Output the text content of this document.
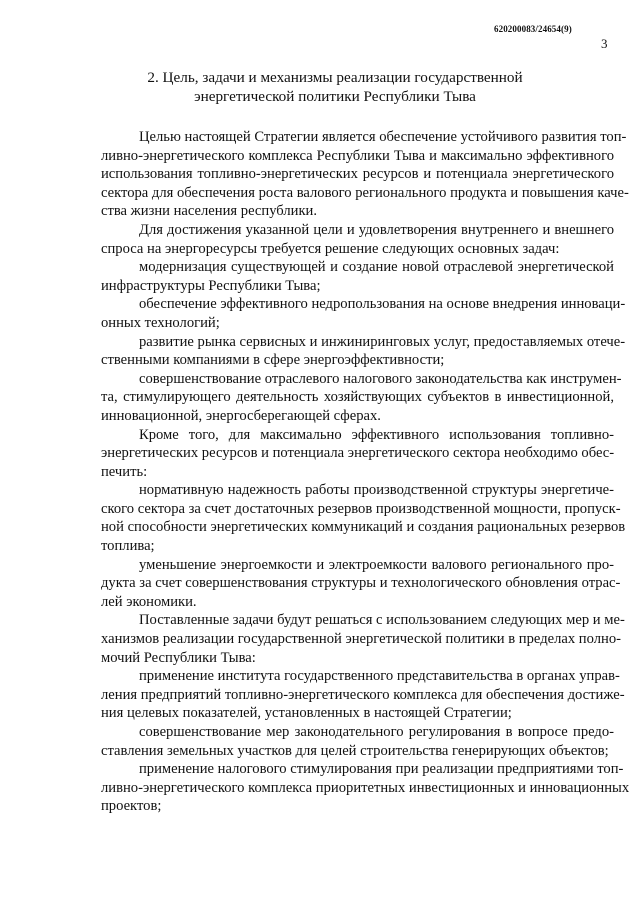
620200083/24654(9)
3
2. Цель, задачи и механизмы реализации государственной
энергетической политики Республики Тыва
Целью настоящей Стратегии является обеспечение устойчивого развития топ-
ливно-энергетического комплекса Республики Тыва и максимально эффективного
использования топливно-энергетических ресурсов и потенциала энергетического
сектора для обеспечения роста валового регионального продукта и повышения каче-
ства жизни населения республики.
Для достижения указанной цели и удовлетворения внутреннего и внешнего
спроса на энергоресурсы требуется решение следующих основных задач:
модернизация существующей и создание новой отраслевой энергетической
инфраструктуры Республики Тыва;
обеспечение эффективного недропользования на основе внедрения инноваци-
онных технологий;
развитие рынка сервисных и инжиниринговых услуг, предоставляемых отече-
ственными компаниями в сфере энергоэффективности;
совершенствование отраслевого налогового законодательства как инструмен-
та, стимулирующего деятельность хозяйствующих субъектов в инвестиционной,
инновационной, энергосберегающей сферах.
Кроме того, для максимально эффективного использования топливно-
энергетических ресурсов и потенциала энергетического сектора необходимо обес-
печить:
нормативную надежность работы производственной структуры энергетиче-
ского сектора за счет достаточных резервов производственной мощности, пропуск-
ной способности энергетических коммуникаций и создания рациональных резервов
топлива;
уменьшение энергоемкости и электроемкости валового регионального про-
дукта за счет совершенствования структуры и технологического обновления отрас-
лей экономики.
Поставленные задачи будут решаться с использованием следующих мер и ме-
ханизмов реализации государственной энергетической политики в пределах полно-
мочий Республики Тыва:
применение института государственного представительства в органах управ-
ления предприятий топливно-энергетического комплекса для обеспечения достиже-
ния целевых показателей, установленных в настоящей Стратегии;
совершенствование мер законодательного регулирования в вопросе предо-
ставления земельных участков для целей строительства генерирующих объектов;
применение налогового стимулирования при реализации предприятиями топ-
ливно-энергетического комплекса приоритетных инвестиционных и инновационных
проектов;
